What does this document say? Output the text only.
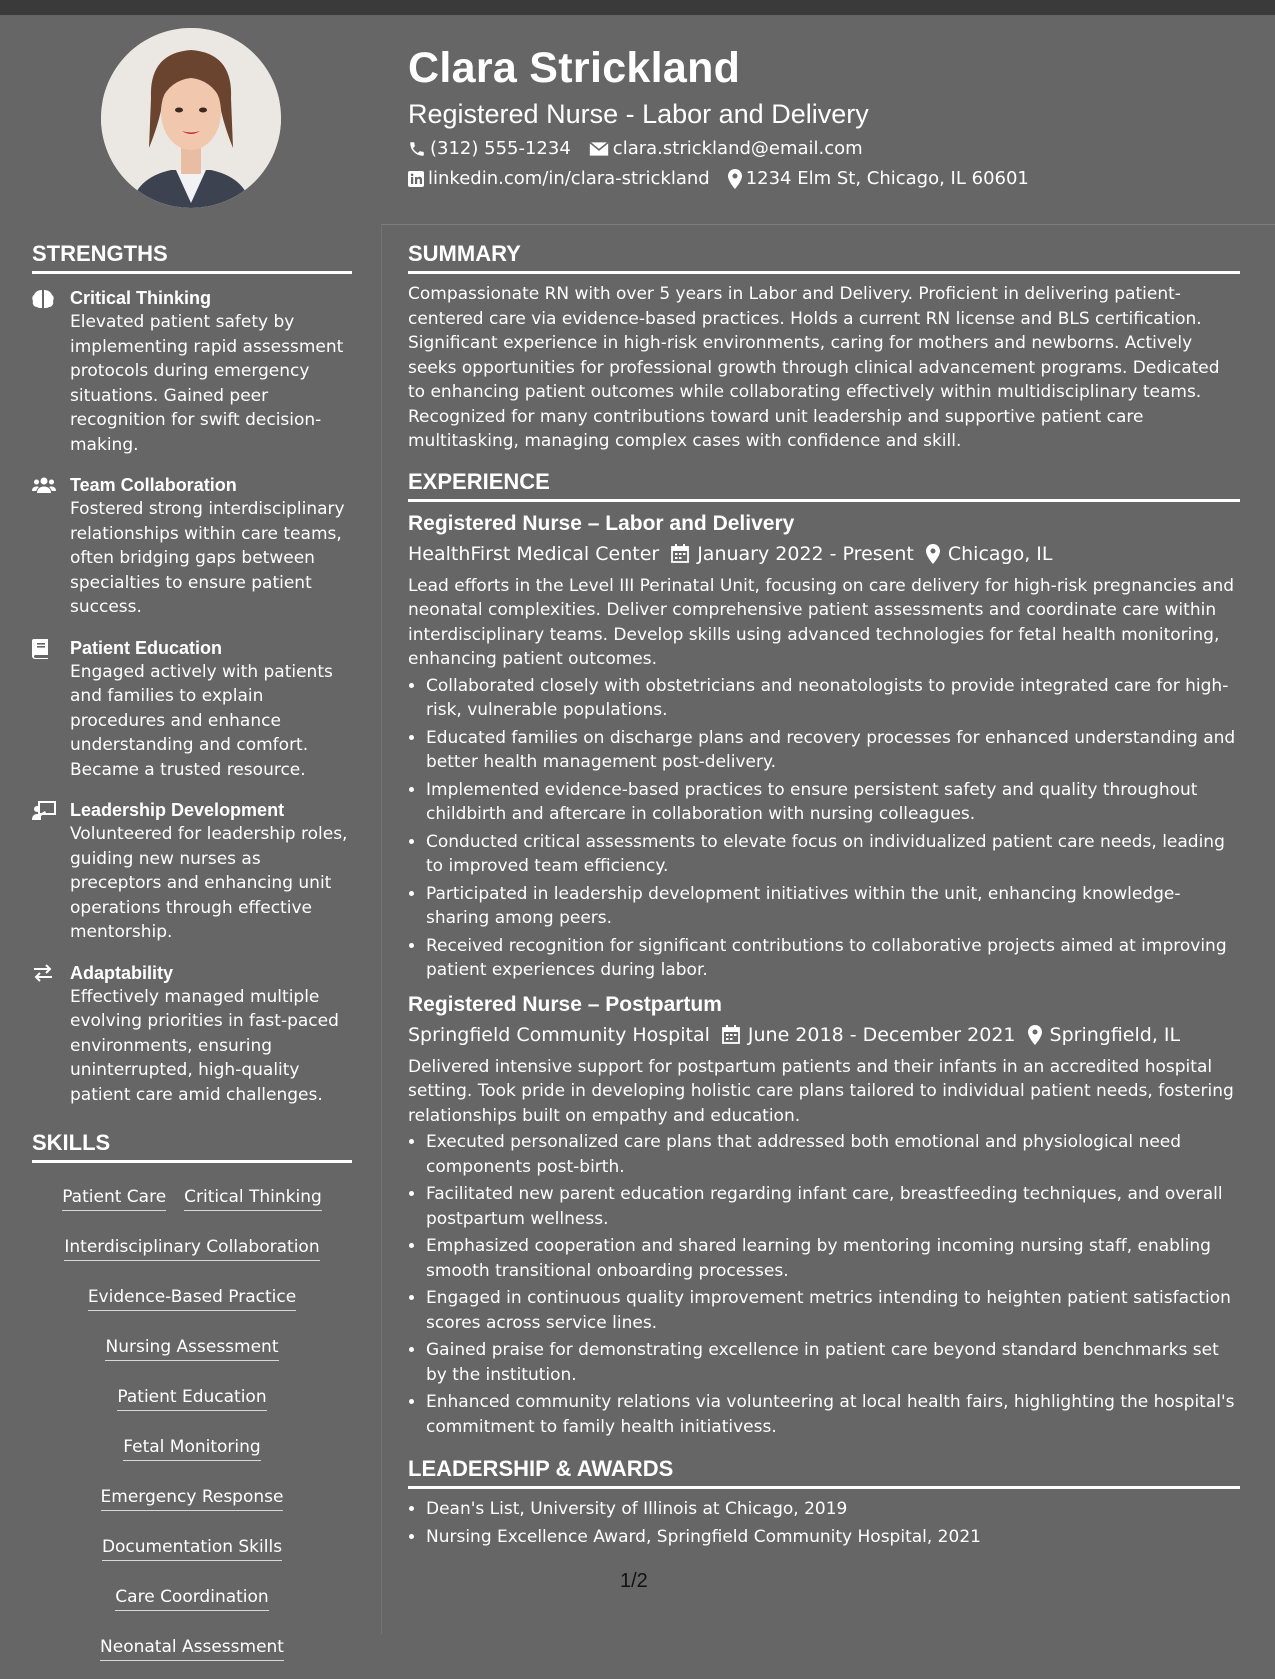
Clara Strickland
Registered Nurse - Labor and Delivery
(312) 555-1234 clara.strickland@email.com
linkedin.com/in/clara-strickland 1234 Elm St, Chicago, IL 60601
STRENGTHS
Critical Thinking
Elevated patient safety by implementing rapid assessment protocols during emergency situations. Gained peer recognition for swift decision-making.
Team Collaboration
Fostered strong interdisciplinary relationships within care teams, often bridging gaps between specialties to ensure patient success.
Patient Education
Engaged actively with patients and families to explain procedures and enhance understanding and comfort. Became a trusted resource.
Leadership Development
Volunteered for leadership roles, guiding new nurses as preceptors and enhancing unit operations through effective mentorship.
Adaptability
Effectively managed multiple evolving priorities in fast-paced environments, ensuring uninterrupted, high-quality patient care amid challenges.
SKILLS
Patient Care Critical Thinking
Interdisciplinary Collaboration
Evidence-Based Practice
Nursing Assessment
Patient Education
Fetal Monitoring
Emergency Response
Documentation Skills
Care Coordination
Neonatal Assessment
SUMMARY

Compassionate RN with over 5 years in Labor and Delivery. Proficient in delivering patient-centered care via evidence-based practices. Holds a current RN license and BLS certification. Significant experience in high-risk environments, caring for mothers and newborns. Actively seeks opportunities for professional growth through clinical advancement programs. Dedicated to enhancing patient outcomes while collaborating effectively within multidisciplinary teams. Recognized for many contributions toward unit leadership and supportive patient care multitasking, managing complex cases with confidence and skill.

EXPERIENCE
Registered Nurse – Labor and Delivery
HealthFirst Medical Center January 2022 - Present Chicago, IL

Lead efforts in the Level III Perinatal Unit, focusing on care delivery for high-risk pregnancies and neonatal complexities. Deliver comprehensive patient assessments and coordinate care within interdisciplinary teams. Develop skills using advanced technologies for fetal health monitoring, enhancing patient outcomes.

• Collaborated closely with obstetricians and neonatologists to provide integrated care for high-risk, vulnerable populations.
• Educated families on discharge plans and recovery processes for enhanced understanding and better health management post-delivery.
• Implemented evidence-based practices to ensure persistent safety and quality throughout childbirth and aftercare in collaboration with nursing colleagues.
• Conducted critical assessments to elevate focus on individualized patient care needs, leading to improved team efficiency.
• Participated in leadership development initiatives within the unit, enhancing knowledge-sharing among peers.
• Received recognition for significant contributions to collaborative projects aimed at improving patient experiences during labor.
Registered Nurse – Postpartum
Springfield Community Hospital June 2018 - December 2021 Springfield, IL

Delivered intensive support for postpartum patients and their infants in an accredited hospital setting. Took pride in developing holistic care plans tailored to individual patient needs, fostering relationships built on empathy and education.

• Executed personalized care plans that addressed both emotional and physiological need components post-birth.
• Facilitated new parent education regarding infant care, breastfeeding techniques, and overall postpartum wellness.
• Emphasized cooperation and shared learning by mentoring incoming nursing staff, enabling smooth transitional onboarding processes.
• Engaged in continuous quality improvement metrics intending to heighten patient satisfaction scores across service lines.
• Gained praise for demonstrating excellence in patient care beyond standard benchmarks set by the institution.
• Enhanced community relations via volunteering at local health fairs, highlighting the hospital's commitment to family health initiativess.
LEADERSHIP & AWARDS
• Dean's List, University of Illinois at Chicago, 2019
• Nursing Excellence Award, Springfield Community Hospital, 2021
1/2
